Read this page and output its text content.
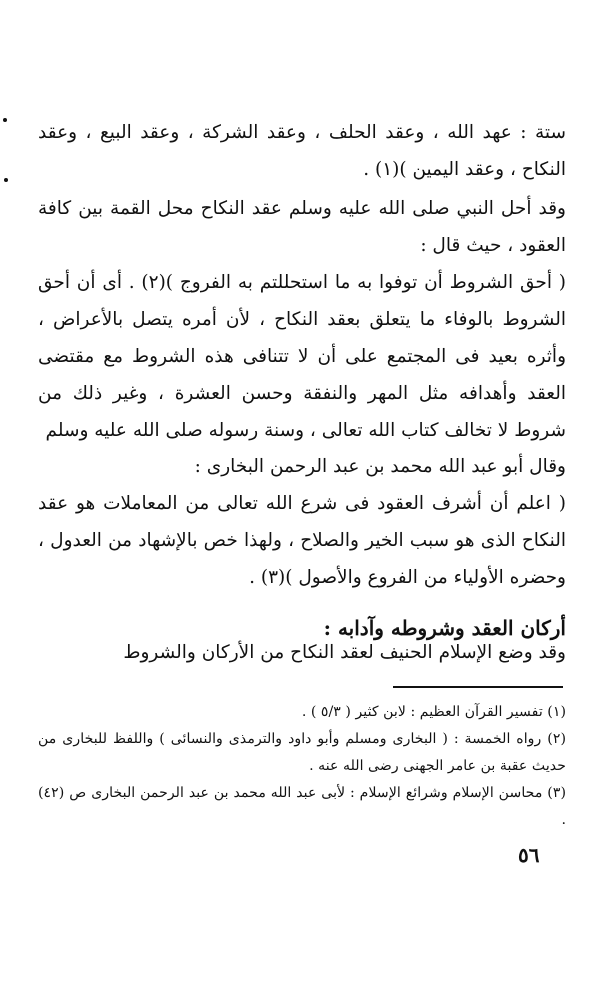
ستة : عهد الله ، وعقد الحلف ، وعقد الشركة ، وعقد البيع ، وعقد النكاح ، وعقد اليمين )(١) .

وقد أحل النبي صلى الله عليه وسلم عقد النكاح محل القمة بين كافة العقود ، حيث قال :

( أحق الشروط أن توفوا به ما استحللتم به الفروج )(٢) . أى أن أحق الشروط بالوفاء ما يتعلق بعقد النكاح ، لأن أمره يتصل بالأعراض ، وأثره بعيد فى المجتمع على أن لا تتنافى هذه الشروط مع مقتضى العقد وأهدافه مثل المهر والنفقة وحسن العشرة ، وغير ذلك من شروط لا تخالف كتاب الله تعالى ، وسنة رسوله صلى الله عليه وسلم

وقال أبو عبد الله محمد بن عبد الرحمن البخارى :

( اعلم أن أشرف العقود فى شرع الله تعالى من المعاملات هو عقد النكاح الذى هو سبب الخير والصلاح ، ولهذا خص بالإشهاد من العدول ، وحضره الأولياء من الفروع والأصول )(٣) .

أركان العقد وشروطه وآدابه :

وقد وضع الإسلام الحنيف لعقد النكاح من الأركان والشروط

(١) تفسير القرآن العظيم : لابن كثير ( ٥/٣ ) .

(٢) رواه الخمسة : ( البخارى ومسلم وأبو داود والترمذى والنسائى ) واللفظ للبخارى من حديث عقبة بن عامر الجهنى رضى الله عنه .

(٣) محاسن الإسلام وشرائع الإسلام : لأبى عبد الله محمد بن عبد الرحمن البخارى ص (٤٢) .

٥٦
